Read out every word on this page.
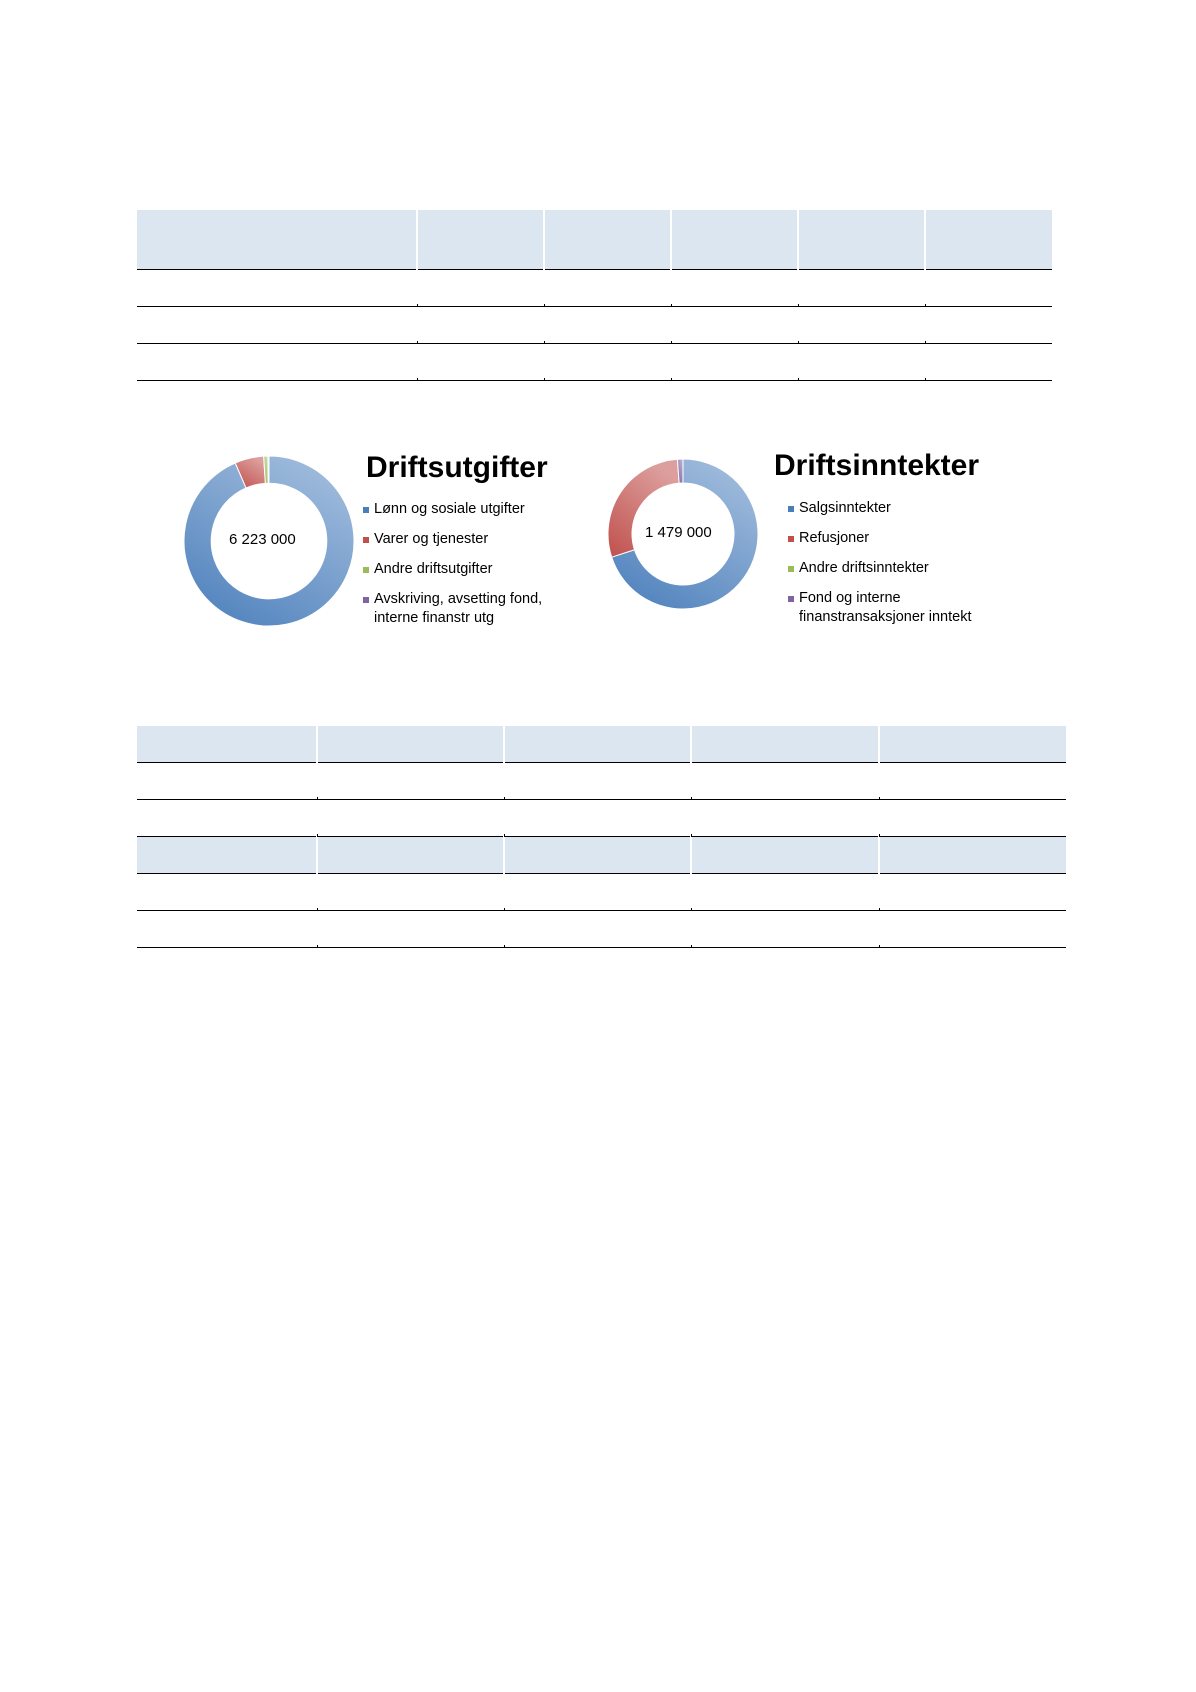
6 223 000
Driftsutgifter
Lønn og sosiale utgifter
Varer og tjenester
Andre driftsutgifter
Avskriving, avsetting fond,
interne finanstr utg
1 479 000
Driftsinntekter
Salgsinntekter
Refusjoner
Andre driftsinntekter
Fond og interne
finanstransaksjoner inntekt
